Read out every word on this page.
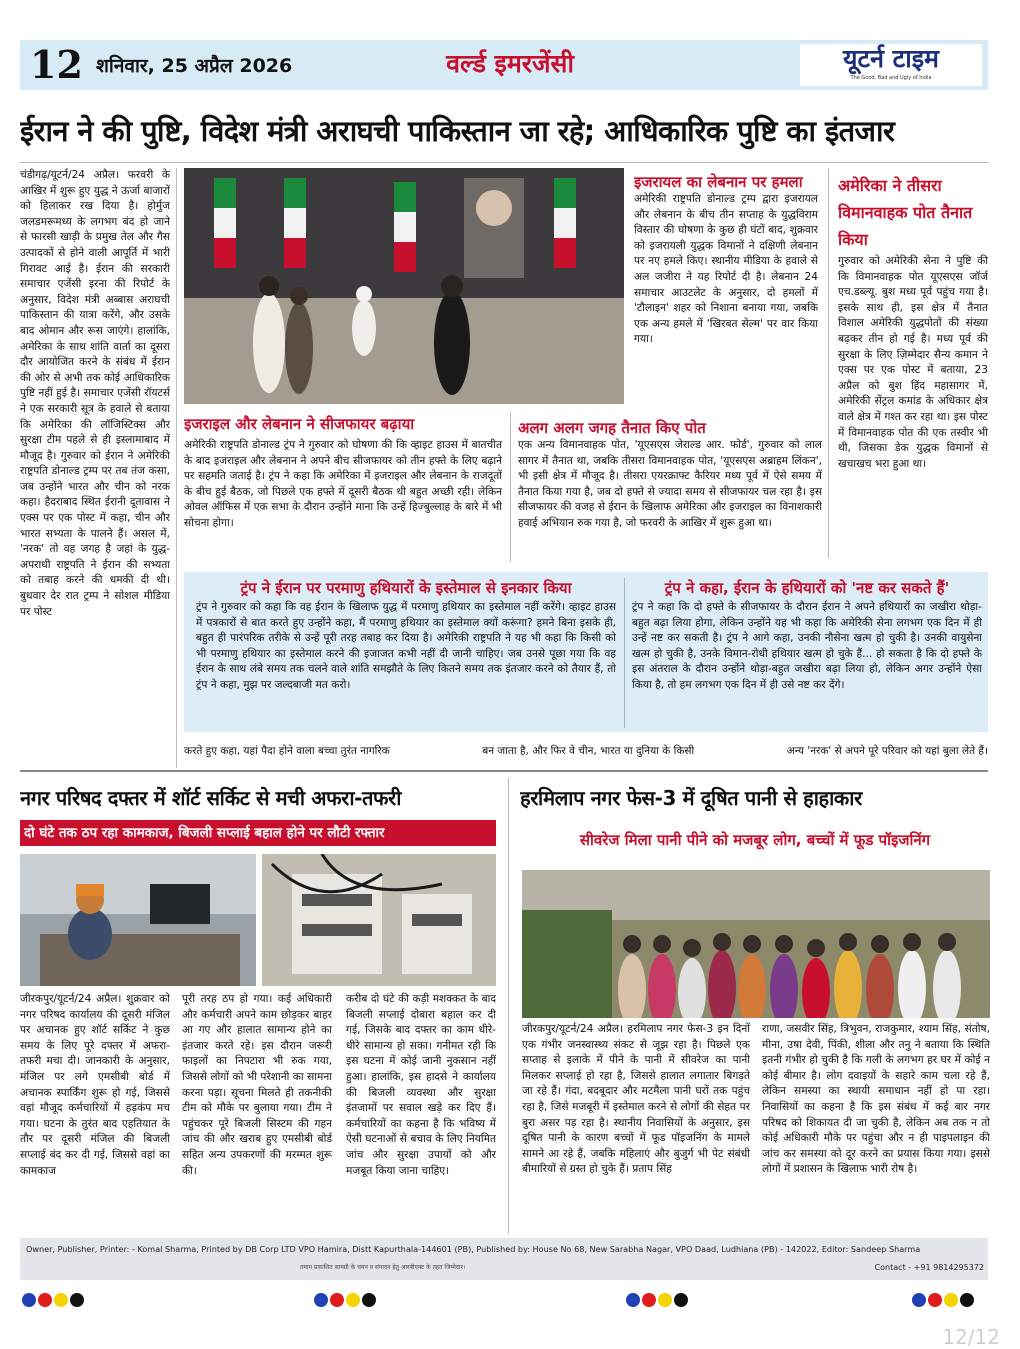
12 शनिवार, 25 अप्रैल 2026	वर्ल्ड इमरजेंसी	यूटर्न टाइम
The Good, Bad and Ugly of India
ईरान ने की पुष्टि, विदेश मंत्री अराघची पाकिस्तान जा रहे; आधिकारिक पुष्टि का इंतजार

चंडीगढ़/यूटर्न/24 अप्रैल। फरवरी के आखिर में शुरू हुए युद्ध ने ऊर्जा बाजारों को हिलाकर रख दिया है। होर्मुज जलडमरूमध्य के लगभग बंद हो जाने से फारसी खाड़ी के प्रमुख तेल और गैस उत्पादकों से होने वाली आपूर्ति में भारी गिरावट आई है। ईरान की सरकारी समाचार एजेंसी इरना की रिपोर्ट के अनुसार, विदेश मंत्री अब्बास अराघची पाकिस्तान की यात्रा करेंगे, और उसके बाद ओमान और रूस जाएंगे। हालांकि, अमेरिका के साथ शांति वार्ता का दूसरा दौर आयोजित करने के संबंध में ईरान की ओर से अभी तक कोई आधिकारिक पुष्टि नहीं हुई है। समाचार एजेंसी रॉयटर्स ने एक सरकारी सूत्र के हवाले से बताया कि अमेरिका की लॉजिस्टिक्स और सुरक्षा टीम पहले से ही इस्लामाबाद में मौजूद है। गुरुवार को ईरान ने अमेरिकी राष्ट्रपति डोनाल्ड ट्रम्प पर तब तंज कसा, जब उन्होंने भारत और चीन को नरक कहा। हैदराबाद स्थित ईरानी दूतावास ने एक्स पर एक पोस्ट में कहा, चीन और भारत सभ्यता के पालने हैं। असल में, 'नरक' तो वह जगह है जहां के युद्ध-अपराधी राष्ट्रपति ने ईरान की सभ्यता को तबाह करने की धमकी दी थी। बुधवार देर रात ट्रम्प ने सोशल मीडिया पर पोस्ट

इजरायल का लेबनान पर हमला

अमेरिकी राष्ट्रपति डोनाल्ड ट्रम्प द्वारा इजरायल और लेबनान के बीच तीन सप्ताह के युद्धविराम विस्तार की घोषणा के कुछ ही घंटों बाद, शुक्रवार को इजरायली युद्धक विमानों ने दक्षिणी लेबनान पर नए हमले किए। स्थानीय मीडिया के हवाले से अल जजीरा ने यह रिपोर्ट दी है। लेबनान 24 समाचार आउटलेट के अनुसार, दो हमलों में 'टौलाइन' शहर को निशाना बनाया गया, जबकि एक अन्य हमले में 'खिरबत सेल्म' पर वार किया गया।

अमेरिका ने तीसरा विमानवाहक पोत तैनात किया

गुरुवार को अमेरिकी सेना ने पुष्टि की कि विमानवाहक पोत यूएसएस जॉर्ज एच.डब्ल्यू. बुश मध्य पूर्व पहुंच गया है। इसके साथ ही, इस क्षेत्र में तैनात विशाल अमेरिकी युद्धपोतों की संख्या बढ़कर तीन हो गई है। मध्य पूर्व की सुरक्षा के लिए ज़िम्मेदार सैन्य कमान ने एक्स पर एक पोस्ट में बताया, 23 अप्रैल को बुश हिंद महासागर में, अमेरिकी सेंट्रल कमांड के अधिकार क्षेत्र वाले क्षेत्र में गश्त कर रहा था। इस पोस्ट में विमानवाहक पोत की एक तस्वीर भी थी, जिसका डेक युद्धक विमानों से खचाखच भरा हुआ था।

इजराइल और लेबनान ने सीजफायर बढ़ाया

अमेरिकी राष्ट्रपति डोनाल्ड ट्रंप ने गुरुवार को घोषणा की कि व्हाइट हाउस में बातचीत के बाद इजराइल और लेबनान ने अपने बीच सीजफायर को तीन हफ्ते के लिए बढ़ाने पर सहमति जताई है। ट्रंप ने कहा कि अमेरिका में इजराइल और लेबनान के राजदूतों के बीच हुई बैठक, जो पिछले एक हफ्ते में दूसरी बैठक थी बहुत अच्छी रही। लेकिन ओवल ऑफिस में एक सभा के दौरान उन्होंने माना कि उन्हें हिज्बुल्लाह के बारे में भी सोचना होगा।

अलग अलग जगह तैनात किए पोत

एक अन्य विमानवाहक पोत, 'यूएसएस जेराल्ड आर. फोर्ड', गुरुवार को लाल सागर में तैनात था, जबकि तीसरा विमानवाहक पोत, 'यूएसएस अब्राहम लिंकन', भी इसी क्षेत्र में मौजूद है। तीसरा एयरक्राफ्ट कैरियर मध्य पूर्व में ऐसे समय में तैनात किया गया है, जब दो हफ्ते से ज्यादा समय से सीजफायर चल रहा है। इस सीजफायर की वजह से ईरान के खिलाफ अमेरिका और इजराइल का विनाशकारी हवाई अभियान रुक गया है, जो फरवरी के आखिर में शुरू हुआ था।

ट्रंप ने ईरान पर परमाणु हथियारों के इस्तेमाल से इनकार किया

ट्रंप ने गुरुवार को कहा कि वह ईरान के खिलाफ युद्ध में परमाणु हथियार का इस्तेमाल नहीं करेंगे। व्हाइट हाउस में पत्रकारों से बात करते हुए उन्होंने कहा, मैं परमाणु हथियार का इस्तेमाल क्यों करूंगा? हमने बिना इसके ही, बहुत ही पारंपरिक तरीके से उन्हें पूरी तरह तबाह कर दिया है। अमेरिकी राष्ट्रपति ने यह भी कहा कि किसी को भी परमाणु हथियार का इस्तेमाल करने की इजाजत कभी नहीं दी जानी चाहिए। जब उनसे पूछा गया कि वह ईरान के साथ लंबे समय तक चलने वाले शांति समझौते के लिए कितने समय तक इंतजार करने को तैयार हैं, तो ट्रंप ने कहा, मुझ पर जल्दबाजी मत करो।

ट्रंप ने कहा, ईरान के हथियारों को 'नष्ट कर सकते हैं'

ट्रंप ने कहा कि दो हफ्ते के सीजफायर के दौरान ईरान ने अपने हथियारों का जखीरा थोड़ा-बहुत बढ़ा लिया होगा, लेकिन उन्होंने यह भी कहा कि अमेरिकी सेना लगभग एक दिन में ही उन्हें नष्ट कर सकती है। ट्रंप ने आगे कहा, उनकी नौसेना खत्म हो चुकी है। उनकी वायुसेना खत्म हो चुकी है, उनके विमान-रोधी हथियार खत्म हो चुके हैं... हो सकता है कि दो हफ्ते के इस अंतराल के दौरान उन्होंने थोड़ा-बहुत जखीरा बढ़ा लिया हो, लेकिन अगर उन्होंने ऐसा किया है, तो हम लगभग एक दिन में ही उसे नष्ट कर देंगे।

करते हुए कहा, यहां पैदा होने वाला बच्चा तुरंत नागरिक	बन जाता है, और फिर वे चीन, भारत या दुनिया के किसी	अन्य 'नरक' से अपने पूरे परिवार को यहां बुला लेते हैं।
नगर परिषद दफ्तर में शॉर्ट सर्किट से मची अफरा-तफरी
दो घंटे तक ठप रहा कामकाज, बिजली सप्लाई बहाल होने पर लौटी रफ्तार

जीरकपुर/यूटर्न/24 अप्रैल। शुक्रवार को नगर परिषद कार्यालय की दूसरी मंजिल पर अचानक हुए शॉर्ट सर्किट ने कुछ समय के लिए पूरे दफ्तर में अफरा-तफरी मचा दी। जानकारी के अनुसार, मंजिल पर लगे एमसीबी बोर्ड में अचानक स्पार्किंग शुरू हो गई, जिससे वहां मौजूद कर्मचारियों में हड़कंप मच गया। घटना के तुरंत बाद एहतियात के तौर पर दूसरी मंजिल की बिजली सप्लाई बंद कर दी गई, जिससे वहां का कामकाज

पूरी तरह ठप हो गया। कई अधिकारी और कर्मचारी अपने काम छोड़कर बाहर आ गए और हालात सामान्य होने का इंतजार करते रहे। इस दौरान जरूरी फाइलों का निपटारा भी रुक गया, जिससे लोगों को भी परेशानी का सामना करना पड़ा। सूचना मिलते ही तकनीकी टीम को मौके पर बुलाया गया। टीम ने पहुंचकर पूरे बिजली सिस्टम की गहन जांच की और खराब हुए एमसीबी बोर्ड सहित अन्य उपकरणों की मरम्मत शुरू की।

करीब दो घंटे की कड़ी मशक्कत के बाद बिजली सप्लाई दोबारा बहाल कर दी गई, जिसके बाद दफ्तर का काम धीरे-धीरे सामान्य हो सका। गनीमत रही कि इस घटना में कोई जानी नुकसान नहीं हुआ। हालांकि, इस हादसे ने कार्यालय की बिजली व्यवस्था और सुरक्षा इंतजामों पर सवाल खड़े कर दिए हैं। कर्मचारियों का कहना है कि भविष्य में ऐसी घटनाओं से बचाव के लिए नियमित जांच और सुरक्षा उपायों को और मजबूत किया जाना चाहिए।

हरमिलाप नगर फेस-3 में दूषित पानी से हाहाकार
सीवरेज मिला पानी पीने को मजबूर लोग, बच्चों में फूड पॉइजनिंग

जीरकपुर/यूटर्न/24 अप्रैल। हरमिलाप नगर फेस-3 इन दिनों एक गंभीर जनस्वास्थ्य संकट से जूझ रहा है। पिछले एक सप्ताह से इलाके में पीने के पानी में सीवरेज का पानी मिलकर सप्लाई हो रहा है, जिससे हालात लगातार बिगड़ते जा रहे हैं। गंदा, बदबूदार और मटमैला पानी घरों तक पहुंच रहा है, जिसे मजबूरी में इस्तेमाल करने से लोगों की सेहत पर बुरा असर पड़ रहा है। स्थानीय निवासियों के अनुसार, इस दूषित पानी के कारण बच्चों में फूड पॉइजनिंग के मामले सामने आ रहे हैं, जबकि महिलाएं और बुजुर्ग भी पेट संबंधी बीमारियों से ग्रस्त हो चुके हैं। प्रताप सिंह

राणा, जसवीर सिंह, त्रिभुवन, राजकुमार, श्याम सिंह, संतोष, मीना, उषा देवी, पिंकी, शीला और तनु ने बताया कि स्थिति इतनी गंभीर हो चुकी है कि गली के लगभग हर घर में कोई न कोई बीमार है। लोग दवाइयों के सहारे काम चला रहे हैं, लेकिन समस्या का स्थायी समाधान नहीं हो पा रहा। निवासियों का कहना है कि इस संबंध में कई बार नगर परिषद को शिकायत दी जा चुकी है, लेकिन अब तक न तो कोई अधिकारी मौके पर पहुंचा और न ही पाइपलाइन की जांच कर समस्या को दूर करने का प्रयास किया गया। इससे लोगों में प्रशासन के खिलाफ भारी रोष है।

Owner, Publisher, Printer: - Komal Sharma, Printed by DB Corp LTD VPO Hamira, Distt Kapurthala-144601 (PB), Published by: House No 68, New Sarabha Nagar, VPO Daad, Ludhiana (PB) - 142022, Editor: Sandeep Sharma
तमाम प्रकाशित सामग्री के चयन व संपादन हेतु आरबीएक्ट के तहत जिम्मेदार।	Contact - +91 9814295372
12/12
